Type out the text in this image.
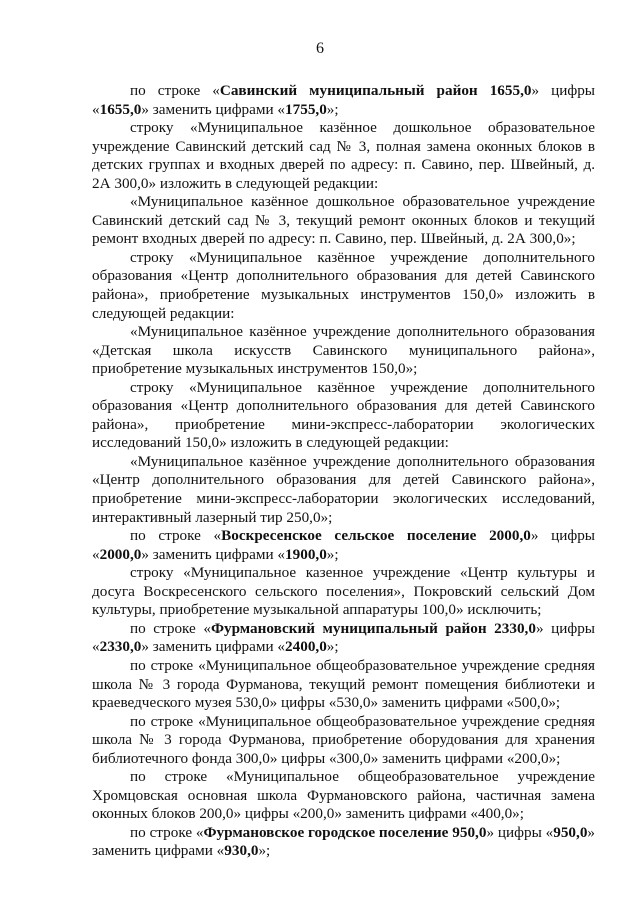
6

по строке «Савинский муниципальный район 1655,0» цифры «1655,0» заменить цифрами «1755,0»;

строку «Муниципальное казённое дошкольное образовательное учреждение Савинский детский сад № 3, полная замена оконных блоков в детских группах и входных дверей по адресу: п. Савино, пер. Швейный, д. 2А 300,0» изложить в следующей редакции:

«Муниципальное казённое дошкольное образовательное учреждение Савинский детский сад № 3, текущий ремонт оконных блоков и текущий ремонт входных дверей по адресу: п. Савино, пер. Швейный, д. 2А 300,0»;

строку «Муниципальное казённое учреждение дополнительного образования «Центр дополнительного образования для детей Савинского района», приобретение музыкальных инструментов 150,0» изложить в следующей редакции:

«Муниципальное казённое учреждение дополнительного образования «Детская школа искусств Савинского муниципального района», приобретение музыкальных инструментов 150,0»;

строку «Муниципальное казённое учреждение дополнительного образования «Центр дополнительного образования для детей Савинского района», приобретение мини-экспресс-лаборатории экологических исследований 150,0» изложить в следующей редакции:

«Муниципальное казённое учреждение дополнительного образования «Центр дополнительного образования для детей Савинского района», приобретение мини-экспресс-лаборатории экологических исследований, интерактивный лазерный тир 250,0»;

по строке «Воскресенское сельское поселение 2000,0» цифры «2000,0» заменить цифрами «1900,0»;

строку «Муниципальное казенное учреждение «Центр культуры и досуга Воскресенского сельского поселения», Покровский сельский Дом культуры, приобретение музыкальной аппаратуры 100,0» исключить;

по строке «Фурмановский муниципальный район 2330,0» цифры «2330,0» заменить цифрами «2400,0»;

по строке «Муниципальное общеобразовательное учреждение средняя школа № 3 города Фурманова, текущий ремонт помещения библиотеки и краеведческого музея 530,0» цифры «530,0» заменить цифрами «500,0»;

по строке «Муниципальное общеобразовательное учреждение средняя школа № 3 города Фурманова, приобретение оборудования для хранения библиотечного фонда 300,0» цифры «300,0» заменить цифрами «200,0»;

по строке «Муниципальное общеобразовательное учреждение Хромцовская основная школа Фурмановского района, частичная замена оконных блоков 200,0» цифры «200,0» заменить цифрами «400,0»;

по строке «Фурмановское городское поселение 950,0» цифры «950,0» заменить цифрами «930,0»;
